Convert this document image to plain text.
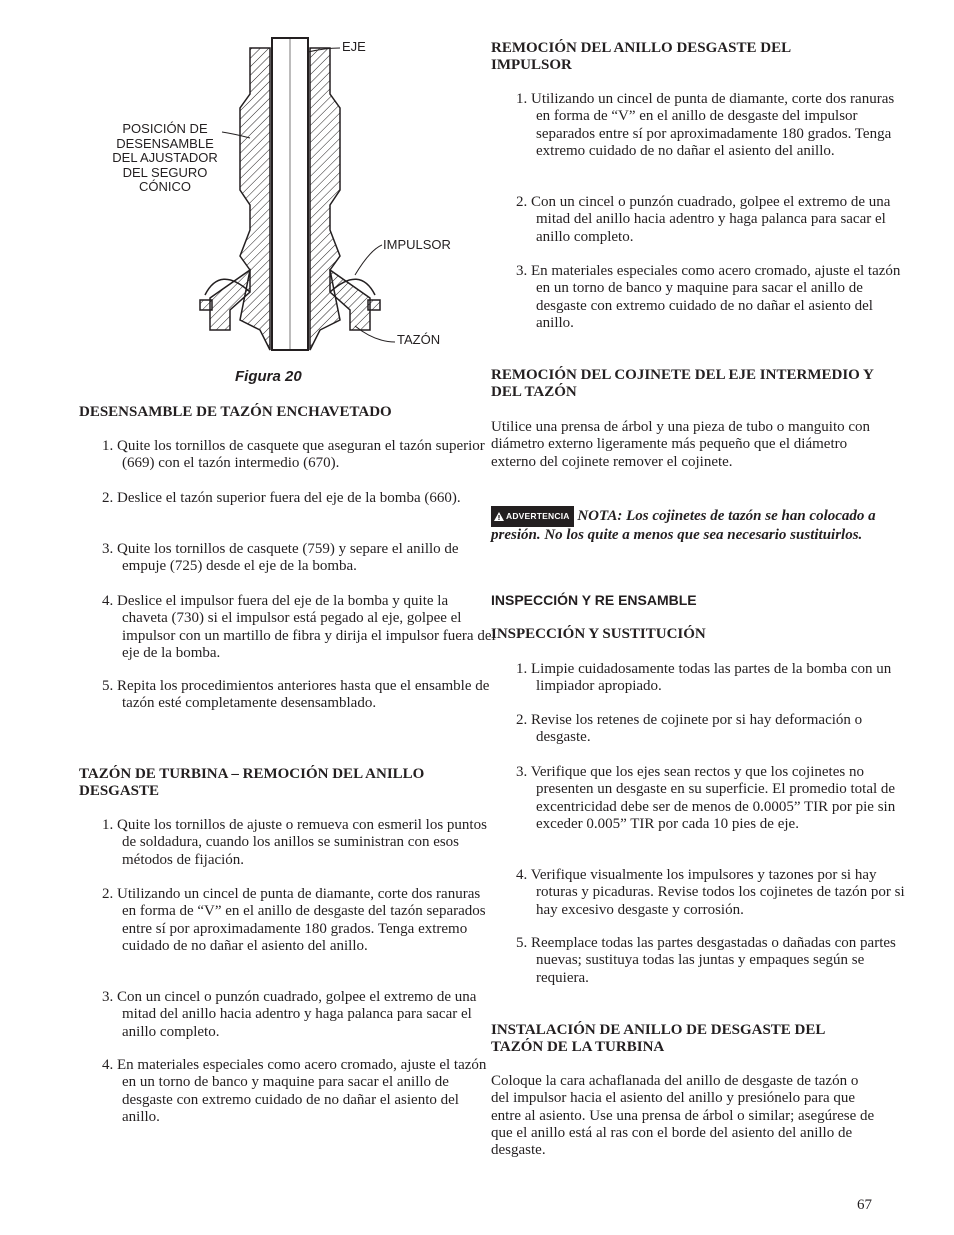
EJE
POSICIÓN DE
DESENSAMBLE
DEL AJUSTADOR
DEL SEGURO
CÓNICO
IMPULSOR
TAZÓN
Figura 20

DESENSAMBLE DE TAZÓN ENCHAVETADO

1. Quite los tornillos de casquete que aseguran el tazón superior (669) con el tazón intermedio (670).

2. Deslice el tazón superior fuera del eje de la bomba (660).

3. Quite los tornillos de casquete (759) y separe el anillo de empuje (725) desde el eje de la bomba.

4. Deslice el impulsor fuera del eje de la bomba y quite la chaveta (730) si el impulsor está pegado al eje, golpee el impulsor con un martillo de fibra y dirija el impulsor fuera del eje de la bomba.

5. Repita los procedimientos anteriores hasta que el ensamble de tazón esté completamente desensamblado.

TAZÓN DE TURBINA – REMOCIÓN DEL ANILLO DESGASTE

1. Quite los tornillos de ajuste o remueva con esmeril los puntos de soldadura, cuando los anillos se suministran con esos métodos de fijación.

2. Utilizando un cincel de punta de diamante, corte dos ranuras en forma de “V” en el anillo de desgaste del tazón separados entre sí por aproximadamente 180 grados. Tenga extremo cuidado de no dañar el asiento del anillo.

3. Con un cincel o punzón cuadrado, golpee el extremo de una mitad del anillo hacia adentro y haga palanca para sacar el anillo completo.

4. En materiales especiales como acero cromado, ajuste el tazón en un torno de banco y maquine para sacar el anillo de desgaste con extremo cuidado de no dañar el asiento del anillo.

REMOCIÓN DEL ANILLO DESGASTE DEL IMPULSOR

1. Utilizando un cincel de punta de diamante, corte dos ranuras en forma de “V” en el anillo de desgaste del impulsor separados entre sí por aproximadamente 180 grados. Tenga extremo cuidado de no dañar el asiento del anillo.

2. Con un cincel o punzón cuadrado, golpee el extremo de una mitad del anillo hacia adentro y haga palanca para sacar el anillo completo.

3. En materiales especiales como acero cromado, ajuste el tazón en un torno de banco y maquine para sacar el anillo de desgaste con extremo cuidado de no dañar el asiento del anillo.

REMOCIÓN DEL COJINETE DEL EJE INTERMEDIO Y DEL TAZÓN

Utilice una prensa de árbol y una pieza de tubo o manguito con diámetro externo ligeramente más pequeño que el diámetro externo del cojinete remover el cojinete.

ADVERTENCIA NOTA: Los cojinetes de tazón se han colocado a presión. No los quite a menos que sea necesario sustituirlos.

INSPECCIÓN Y RE ENSAMBLE

INSPECCIÓN Y SUSTITUCIÓN

1. Limpie cuidadosamente todas las partes de la bomba con un limpiador apropiado.

2. Revise los retenes de cojinete por si hay deformación o desgaste.

3. Verifique que los ejes sean rectos y que los cojinetes no presenten un desgaste en su superficie. El promedio total de excentricidad debe ser de menos de 0.0005” TIR por pie sin exceder 0.005” TIR por cada 10 pies de eje.

4. Verifique visualmente los impulsores y tazones por si hay roturas y picaduras. Revise todos los cojinetes de tazón por si hay excesivo desgaste y corrosión.

5. Reemplace todas las partes desgastadas o dañadas con partes nuevas; sustituya todas las juntas y empaques según se requiera.

INSTALACIÓN DE ANILLO DE DESGASTE DEL TAZÓN DE LA TURBINA

Coloque la cara achaflanada del anillo de desgaste de tazón o del impulsor hacia el asiento del anillo y presiónelo para que entre al asiento. Use una prensa de árbol o similar; asegúrese de que el anillo está al ras con el borde del asiento del anillo de desgaste.

67
